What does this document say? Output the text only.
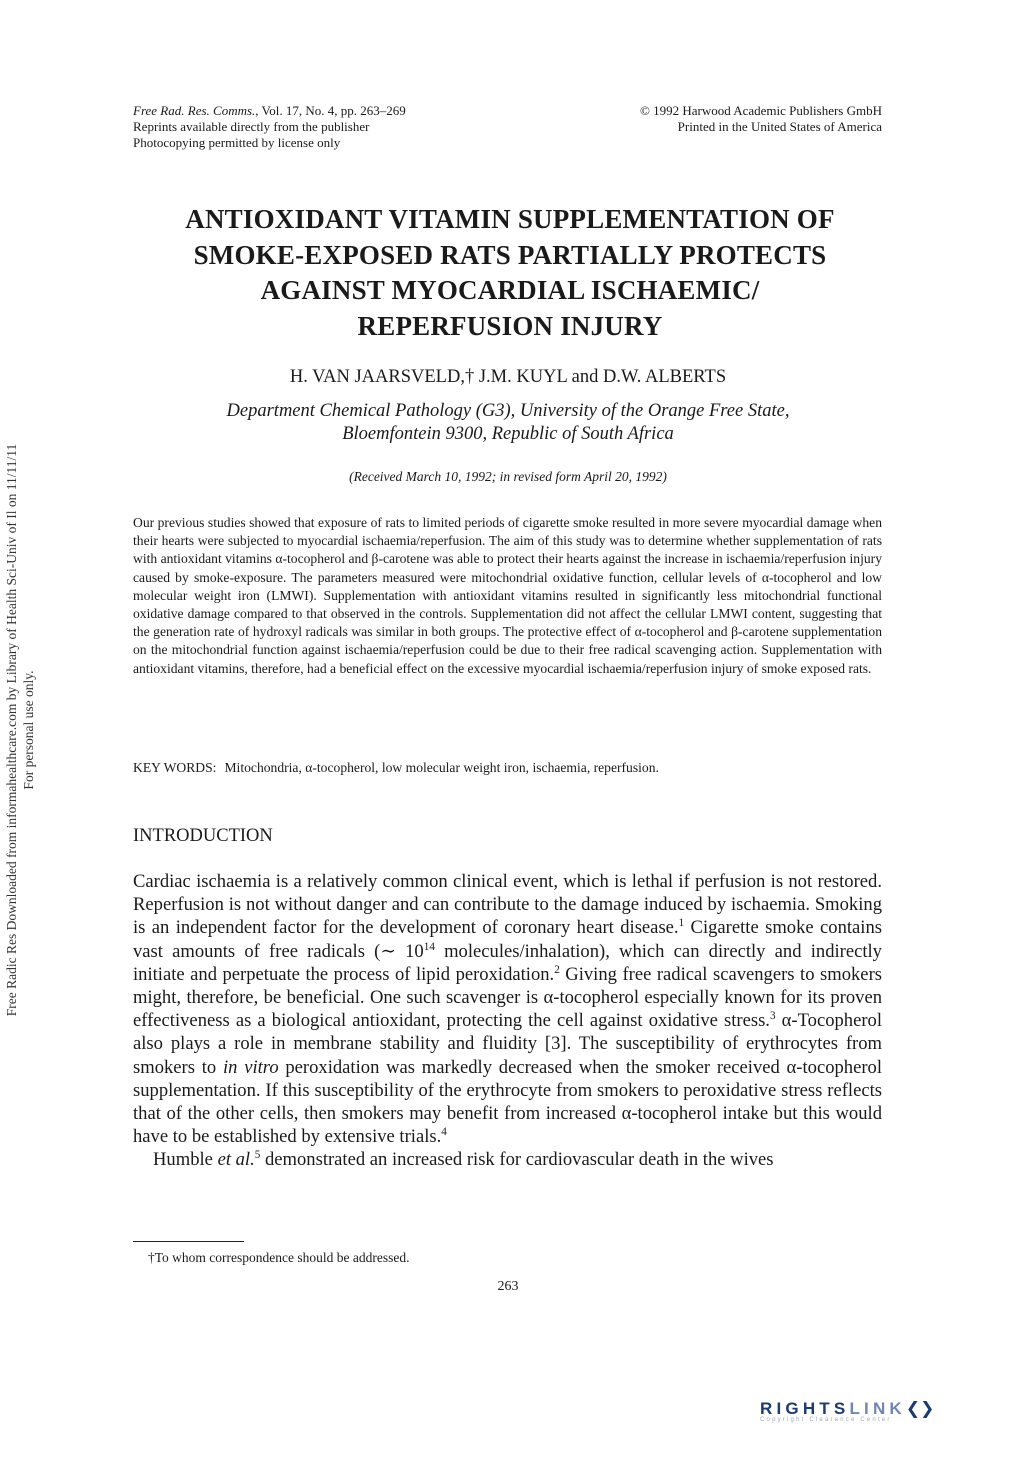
Free Rad. Res. Comms., Vol. 17, No. 4, pp. 263–269
Reprints available directly from the publisher
Photocopying permitted by license only
© 1992 Harwood Academic Publishers GmbH
Printed in the United States of America
ANTIOXIDANT VITAMIN SUPPLEMENTATION OF
SMOKE-EXPOSED RATS PARTIALLY PROTECTS
AGAINST MYOCARDIAL ISCHAEMIC/
REPERFUSION INJURY
H. VAN JAARSVELD,† J.M. KUYL and D.W. ALBERTS
Department Chemical Pathology (G3), University of the Orange Free State,
Bloemfontein 9300, Republic of South Africa
(Received March 10, 1992; in revised form April 20, 1992)
Our previous studies showed that exposure of rats to limited periods of cigarette smoke resulted in more severe myocardial damage when their hearts were subjected to myocardial ischaemia/reperfusion. The aim of this study was to determine whether supplementation of rats with antioxidant vitamins α-tocopherol and β-carotene was able to protect their hearts against the increase in ischaemia/reperfusion injury caused by smoke-exposure. The parameters measured were mitochondrial oxidative function, cellular levels of α-tocopherol and low molecular weight iron (LMWI). Supplementation with antioxidant vitamins resulted in significantly less mitochondrial functional oxidative damage compared to that observed in the controls. Supplementation did not affect the cellular LMWI content, suggesting that the generation rate of hydroxyl radicals was similar in both groups. The protective effect of α-tocopherol and β-carotene supplementation on the mitochondrial function against ischaemia/reperfusion could be due to their free radical scavenging action. Supplementation with antioxidant vitamins, therefore, had a beneficial effect on the excessive myocardial ischaemia/reperfusion injury of smoke exposed rats.
KEY WORDS: Mitochondria, α-tocopherol, low molecular weight iron, ischaemia, reperfusion.
INTRODUCTION

Cardiac ischaemia is a relatively common clinical event, which is lethal if perfusion is not restored. Reperfusion is not without danger and can contribute to the damage induced by ischaemia. Smoking is an independent factor for the development of coronary heart disease.$^1$ Cigarette smoke contains vast amounts of free radicals (∼ $10^{14}$ molecules/inhalation), which can directly and indirectly initiate and perpetuate the process of lipid peroxidation.$^2$ Giving free radical scavengers to smokers might, therefore, be beneficial. One such scavenger is α-tocopherol especially known for its proven effectiveness as a biological antioxidant, protecting the cell against oxidative stress.$^3$ α-Tocopherol also plays a role in membrane stability and fluidity [3]. The susceptibility of erythrocytes from smokers to in vitro peroxidation was markedly decreased when the smoker received α-tocopherol supplementation. If this susceptibility of the erythrocyte from smokers to peroxidative stress reflects that of the other cells, then smokers may benefit from increased α-tocopherol intake but this would have to be established by extensive trials.$^4$

Humble et al.$^5$ demonstrated an increased risk for cardiovascular death in the wives

†To whom correspondence should be addressed.
263
Free Radic Res Downloaded from informahealthcare.com by Library of Health Sci-Univ of Il on 11/11/11 For personal use only.
RIGHTSLINK❮❯
Copyright Clearance Center
